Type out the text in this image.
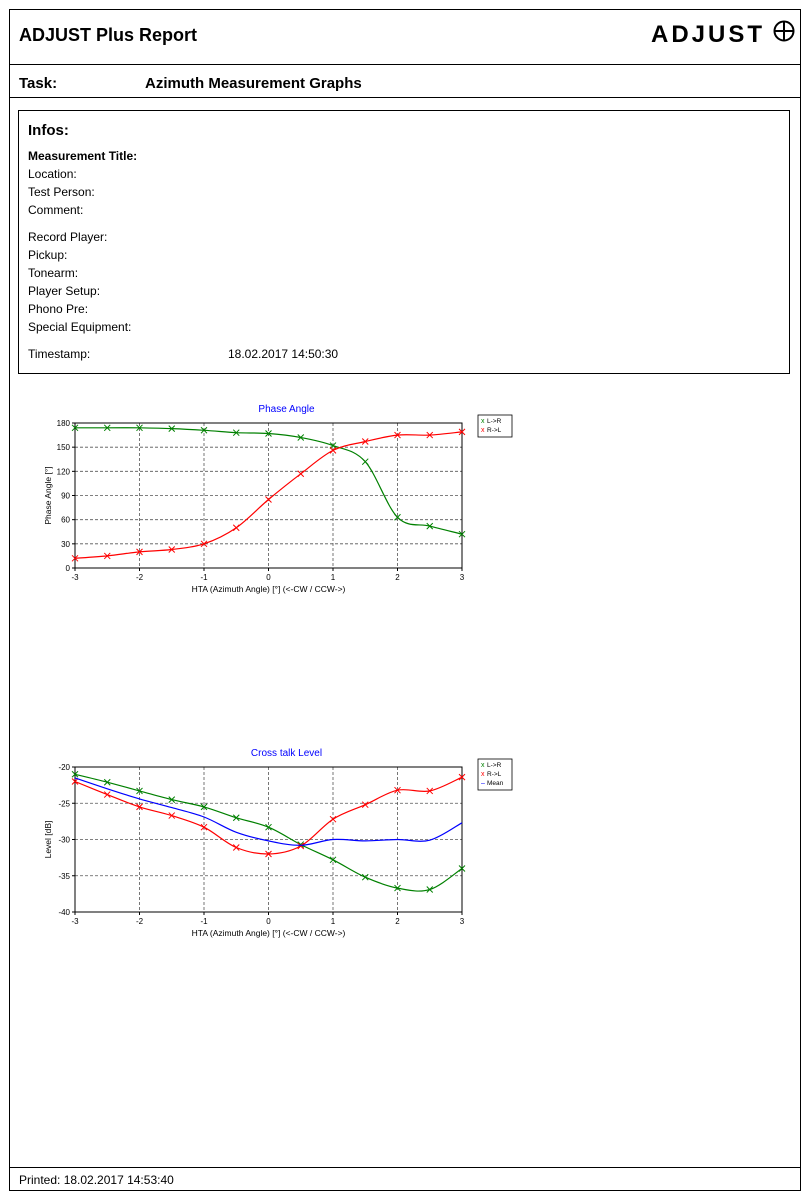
ADJUST Plus Report	ADJUST
Task:	Azimuth Measurement Graphs
Infos:
Measurement Title:
Location:
Test Person:
Comment:
Record Player:
Pickup:
Tonearm:
Player Setup:
Phono Pre:
Special Equipment:
Timestamp:	18.02.2017 14:50:30
Phase Angle
-3	-2	-1	0	1	2	3
0
30
60
90
120
150
180
HTA (Azimuth Angle) [°] (<-CW / CCW->)
Phase Angle [°]
x L->R
x R->L
Cross talk Level
-3	-2	-1	0	1	2	3
-20
-25
-30
-35
-40
HTA (Azimuth Angle) [°] (<-CW / CCW->)
Level [dB]
x L->R
x R->L
– Mean
Printed: 18.02.2017 14:53:40
